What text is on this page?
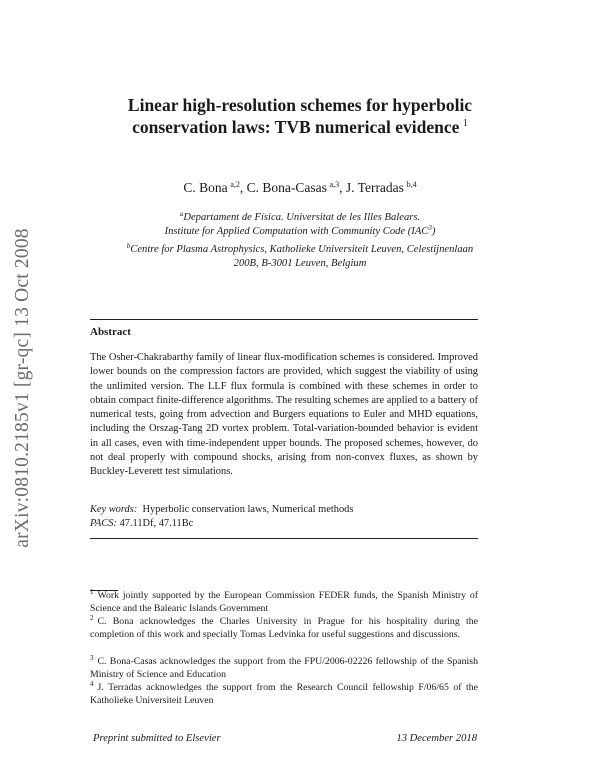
arXiv:0810.2185v1 [gr-qc] 13 Oct 2008
Linear high-resolution schemes for hyperbolic
conservation laws: TVB numerical evidence  $^1$
C. Bona  $^{a,2}$, C. Bona-Casas  $^{a,3}$, J. Terradas  $^{b,4}$
$^a$Departament de Física. Universitat de les Illes Balears.
Institute for Applied Computation with Community Code (IAC$^3$)
$^b$Centre for Plasma Astrophysics, Katholieke Universiteit Leuven, Celestijnenlaan
200B, B-3001 Leuven, Belgium
Abstract
The Osher-Chakrabarthy family of linear flux-modification schemes is considered. Improved lower bounds on the compression factors are provided, which suggest the viability of using the unlimited version. The LLF flux formula is combined with these schemes in order to obtain compact finite-difference algorithms. The resulting schemes are applied to a battery of numerical tests, going from advection and Burgers equations to Euler and MHD equations, including the Orszag-Tang 2D vortex problem. Total-variation-bounded behavior is evident in all cases, even with time-independent upper bounds. The proposed schemes, however, do not deal properly with compound shocks, arising from non-convex fluxes, as shown by Buckley-Leverett test simulations.
Key words: Hyperbolic conservation laws, Numerical methods
PACS: 47.11Df, 47.11Bc
$^1$ Work jointly supported by the European Commission FEDER funds, the Spanish Ministry of Science and the Balearic Islands Government
$^2$ C. Bona acknowledges the Charles University in Prague for his hospitality during the completion of this work and specially Tomas Ledvinka for useful suggestions and discussions.
$^3$ C. Bona-Casas acknowledges the support from the FPU/2006-02226 fellowship of the Spanish Ministry of Science and Education
$^4$ J. Terradas acknowledges the support from the Research Council fellowship F/06/65 of the Katholieke Universiteit Leuven
Preprint submitted to Elsevier	13 December 2018
